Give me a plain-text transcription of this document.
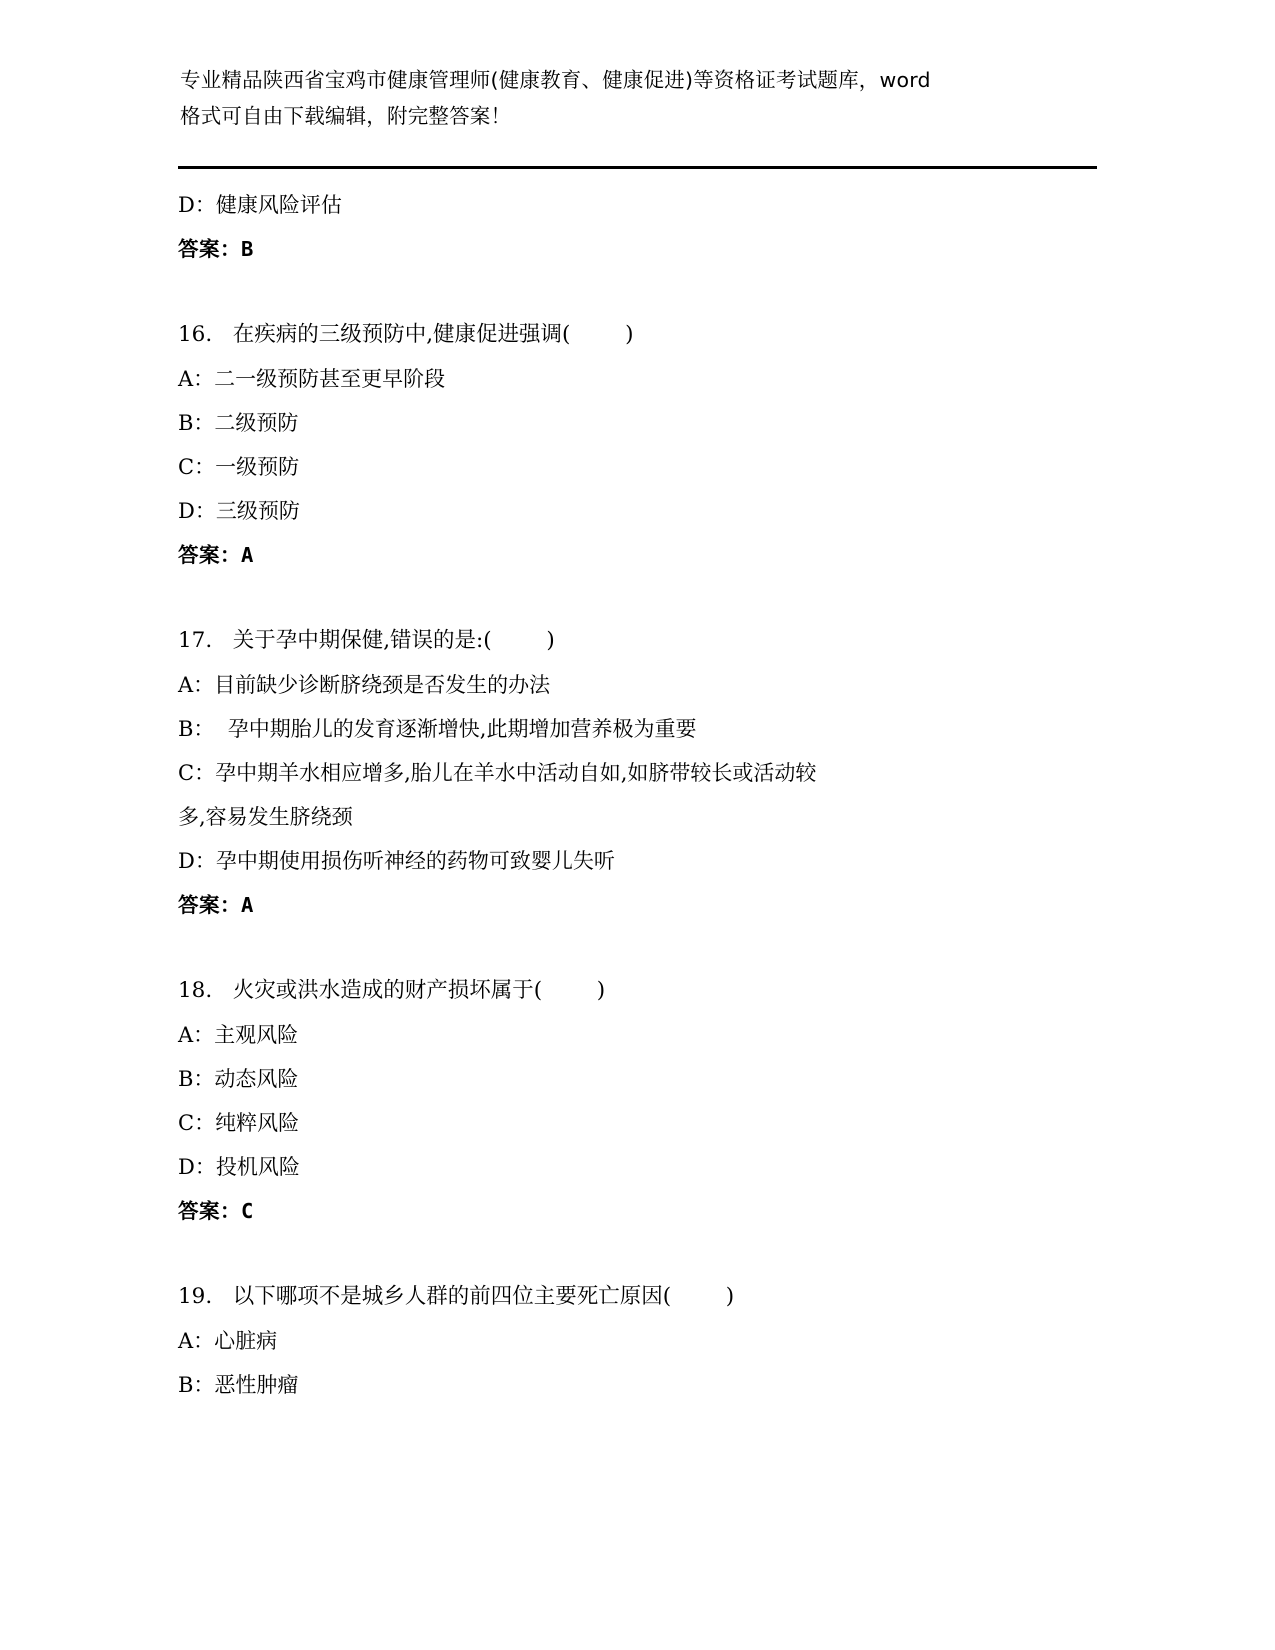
专业精品陕西省宝鸡市健康管理师(健康教育、健康促进)等资格证考试题库，word
格式可自由下载编辑，附完整答案！
D：健康风险评估
答案：B
16. 在疾病的三级预防中,健康促进强调(        )
A：二一级预防甚至更早阶段
B：二级预防
C：一级预防
D：三级预防
答案：A
17. 关于孕中期保健,错误的是:(        )
A：目前缺少诊断脐绕颈是否发生的办法
B：  孕中期胎儿的发育逐渐增快,此期增加营养极为重要
C：孕中期羊水相应增多,胎儿在羊水中活动自如,如脐带较长或活动较
多,容易发生脐绕颈
D：孕中期使用损伤听神经的药物可致婴儿失听
答案：A
18. 火灾或洪水造成的财产损坏属于(        )
A：主观风险
B：动态风险
C：纯粹风险
D：投机风险
答案：C
19. 以下哪项不是城乡人群的前四位主要死亡原因(        )
A：心脏病
B：恶性肿瘤
